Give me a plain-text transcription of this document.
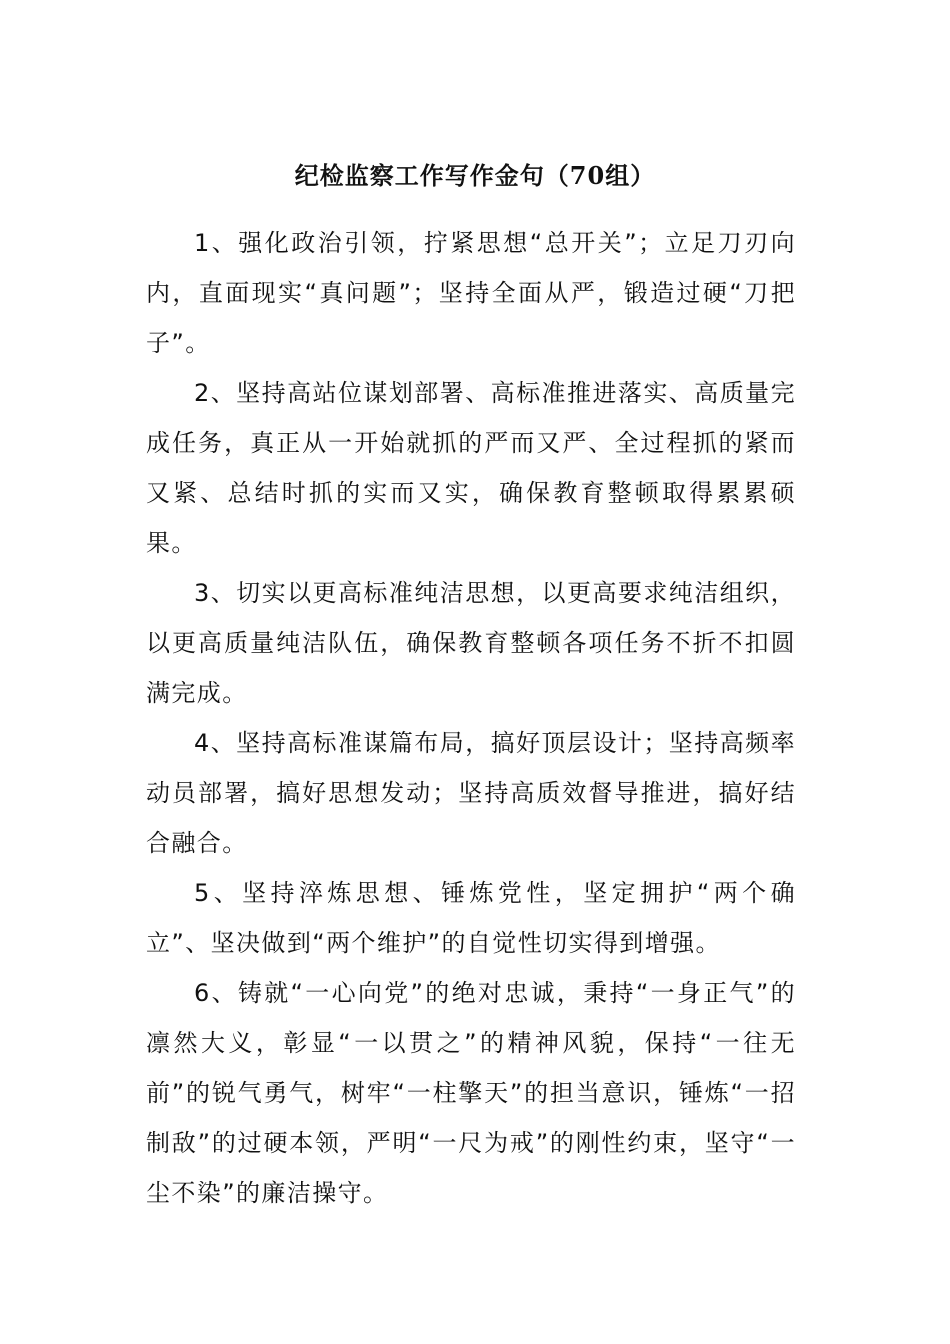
纪检监察工作写作金句（70组）

1、强化政治引领，拧紧思想“总开关”；立足刀刃向内，直面现实“真问题”；坚持全面从严，锻造过硬“刀把子”。

2、坚持高站位谋划部署、高标准推进落实、高质量完成任务，真正从一开始就抓的严而又严、全过程抓的紧而又紧、总结时抓的实而又实，确保教育整顿取得累累硕果。

3、切实以更高标准纯洁思想，以更高要求纯洁组织，以更高质量纯洁队伍，确保教育整顿各项任务不折不扣圆满完成。

4、坚持高标准谋篇布局，搞好顶层设计；坚持高频率动员部署，搞好思想发动；坚持高质效督导推进，搞好结合融合。

5、坚持淬炼思想、锤炼党性，坚定拥护“两个确立”、坚决做到“两个维护”的自觉性切实得到增强。

6、铸就“一心向党”的绝对忠诚，秉持“一身正气”的凛然大义，彰显“一以贯之”的精神风貌，保持“一往无前”的锐气勇气，树牢“一柱擎天”的担当意识，锤炼“一招制敌”的过硬本领，严明“一尺为戒”的刚性约束，坚守“一尘不染”的廉洁操守。
